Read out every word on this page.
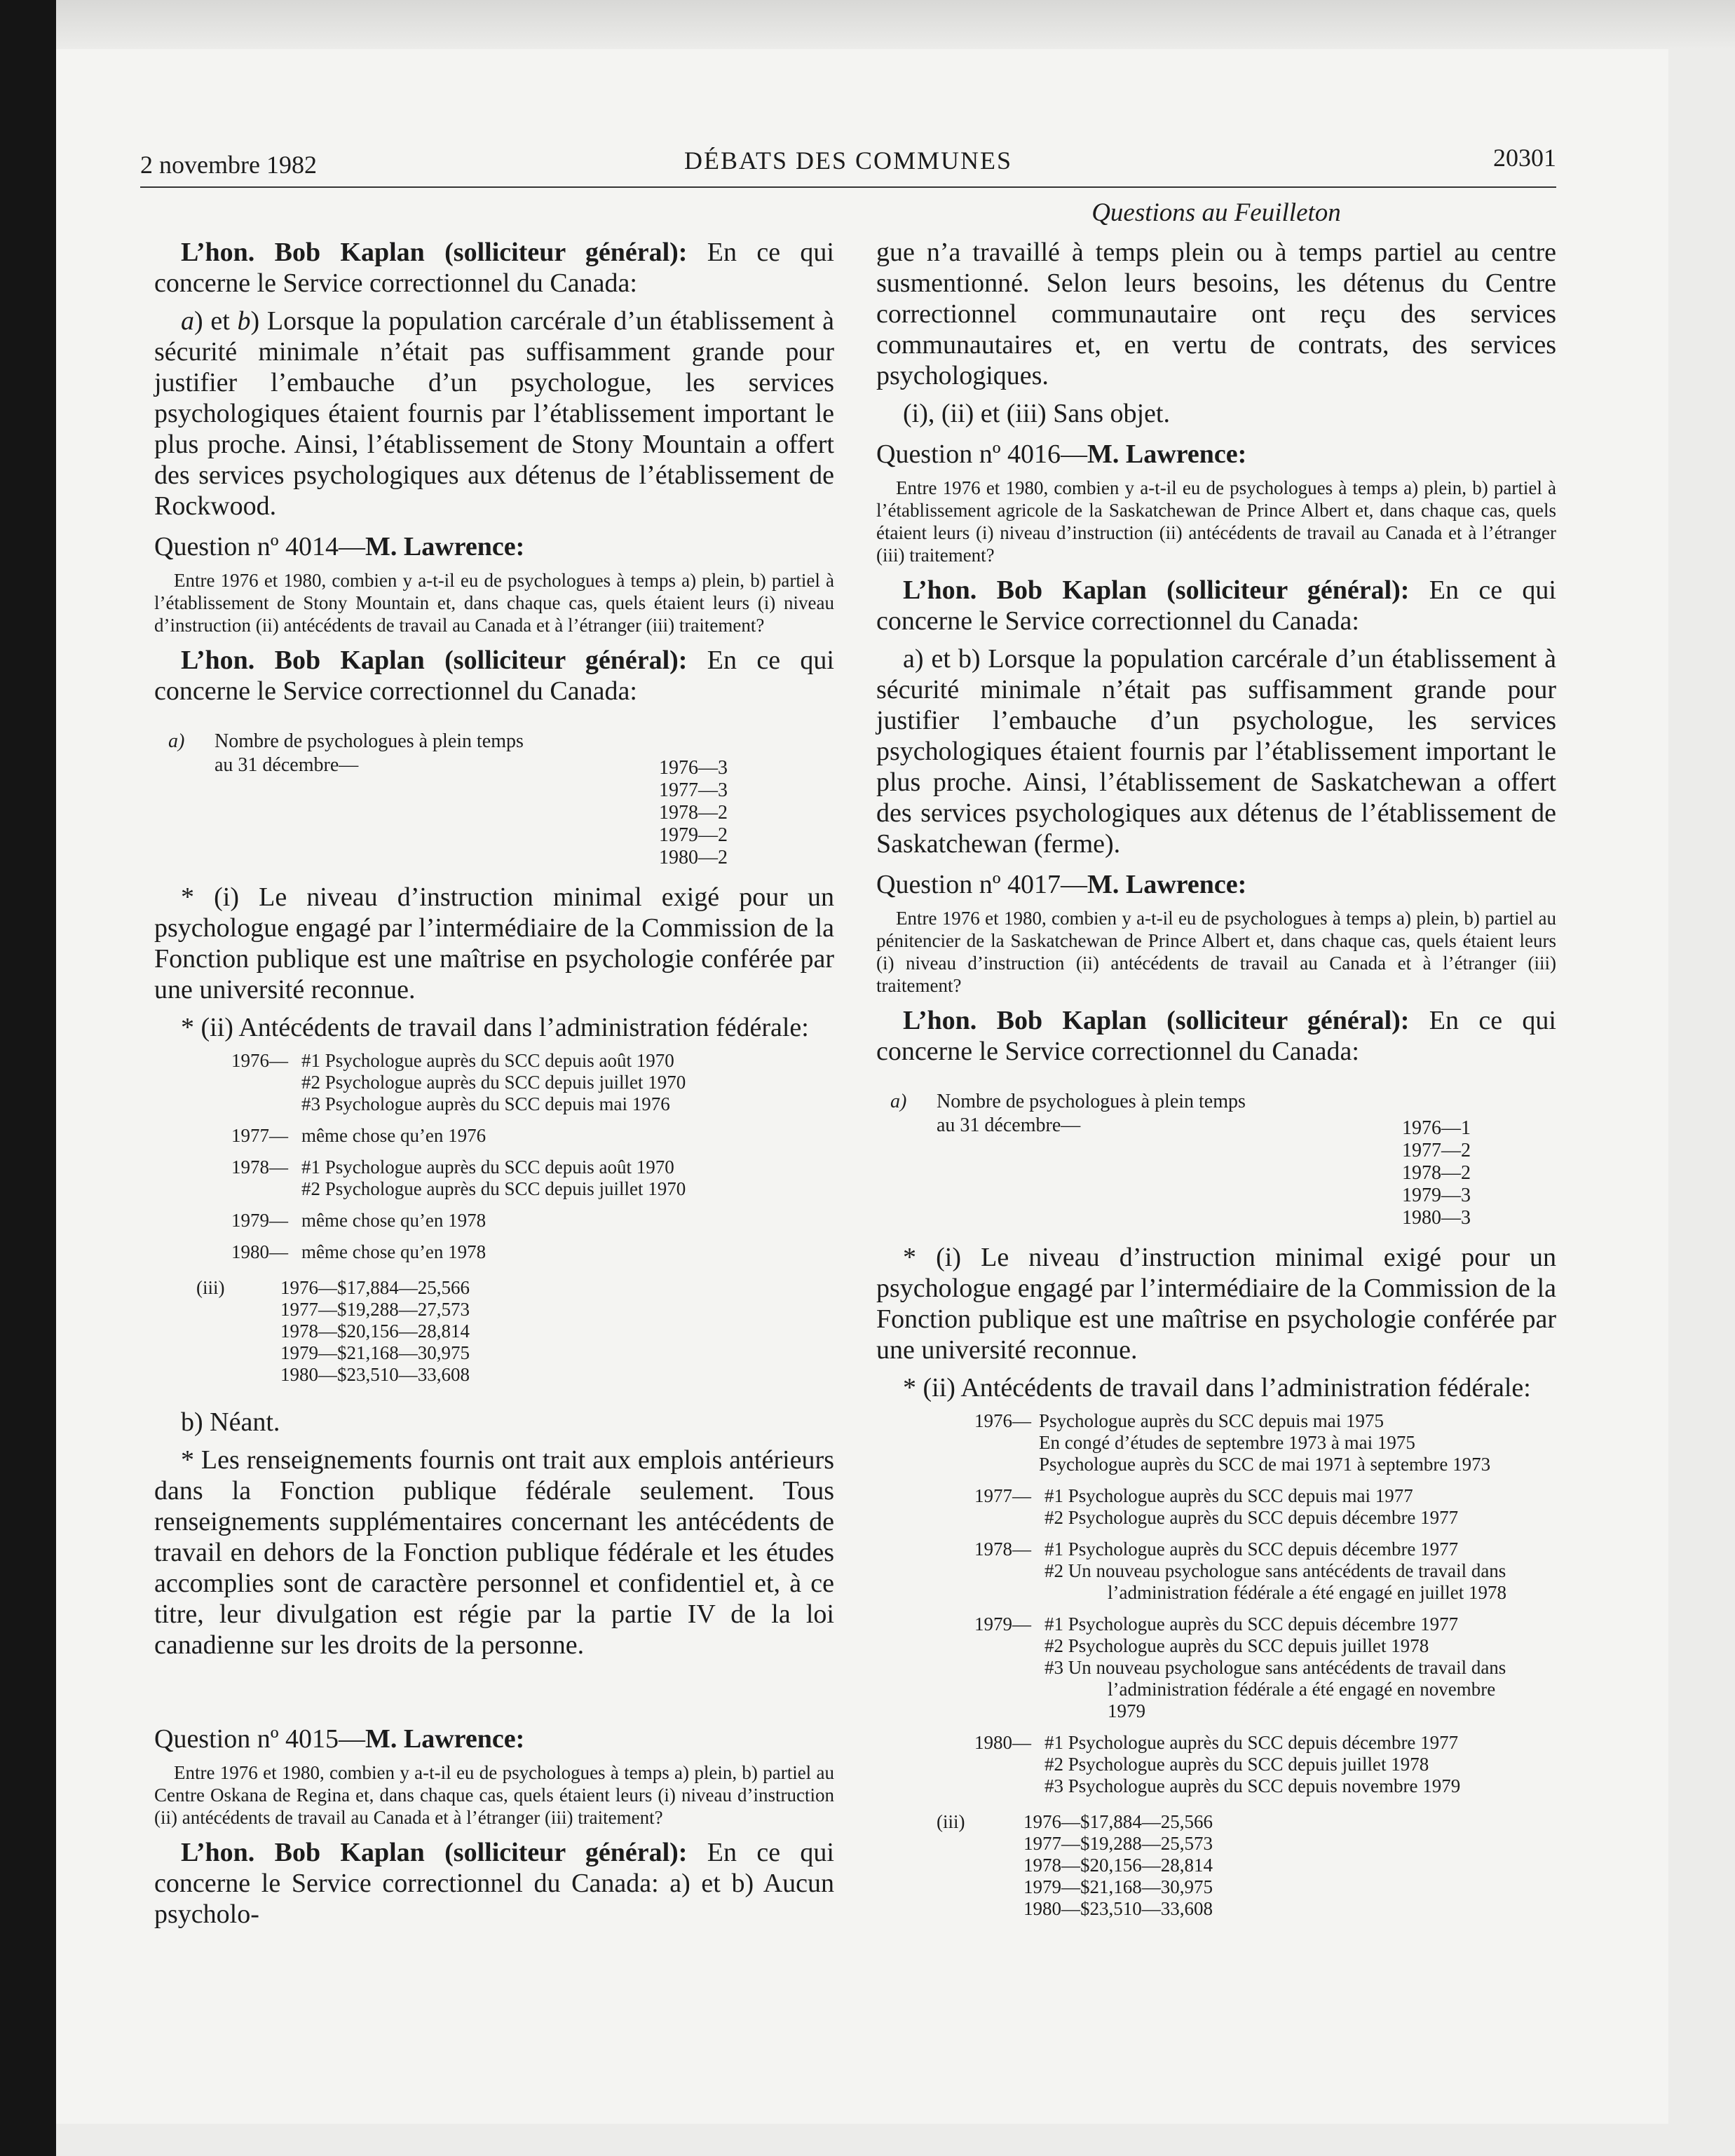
2 novembre 1982	DÉBATS DES COMMUNES	20301
Questions au Feuilleton

L’hon. Bob Kaplan (solliciteur général): En ce qui concerne le Service correctionnel du Canada:

a) et b) Lorsque la population carcérale d’un établissement à sécurité minimale n’était pas suffisamment grande pour justifier l’embauche d’un psychologue, les services psychologiques étaient fournis par l’établissement important le plus proche. Ainsi, l’établissement de Stony Mountain a offert des services psychologiques aux détenus de l’établissement de Rockwood.

Question nº 4014—M. Lawrence:

Entre 1976 et 1980, combien y a-t-il eu de psychologues à temps a) plein, b) partiel à l’établissement de Stony Mountain et, dans chaque cas, quels étaient leurs (i) niveau d’instruction (ii) antécédents de travail au Canada et à l’étranger (iii) traitement?

L’hon. Bob Kaplan (solliciteur général): En ce qui concerne le Service correctionnel du Canada:

a) Nombre de psychologues à plein temps
au 31 décembre—	1976—3
1977—3
1978—2
1979—2
1980—2

* (i) Le niveau d’instruction minimal exigé pour un psychologue engagé par l’intermédiaire de la Commission de la Fonction publique est une maîtrise en psychologie conférée par une université reconnue.

* (ii) Antécédents de travail dans l’administration fédérale:

1976— #1 Psychologue auprès du SCC depuis août 1970
#2 Psychologue auprès du SCC depuis juillet 1970
#3 Psychologue auprès du SCC depuis mai 1976
1977— même chose qu’en 1976
1978— #1 Psychologue auprès du SCC depuis août 1970
#2 Psychologue auprès du SCC depuis juillet 1970
1979— même chose qu’en 1978
1980— même chose qu’en 1978
(iii)	1976—$17,884—25,566
1977—$19,288—27,573
1978—$20,156—28,814
1979—$21,168—30,975
1980—$23,510—33,608

b) Néant.

* Les renseignements fournis ont trait aux emplois antérieurs dans la Fonction publique fédérale seulement. Tous renseignements supplémentaires concernant les antécédents de travail en dehors de la Fonction publique fédérale et les études accomplies sont de caractère personnel et confidentiel et, à ce titre, leur divulgation est régie par la partie IV de la loi canadienne sur les droits de la personne.

Question nº 4015—M. Lawrence:

Entre 1976 et 1980, combien y a-t-il eu de psychologues à temps a) plein, b) partiel au Centre Oskana de Regina et, dans chaque cas, quels étaient leurs (i) niveau d’instruction (ii) antécédents de travail au Canada et à l’étranger (iii) traitement?

L’hon. Bob Kaplan (solliciteur général): En ce qui concerne le Service correctionnel du Canada: a) et b) Aucun psycholo-

gue n’a travaillé à temps plein ou à temps partiel au centre susmentionné. Selon leurs besoins, les détenus du Centre correctionnel communautaire ont reçu des services communautaires et, en vertu de contrats, des services psychologiques.

(i), (ii) et (iii) Sans objet.

Question nº 4016—M. Lawrence:

Entre 1976 et 1980, combien y a-t-il eu de psychologues à temps a) plein, b) partiel à l’établissement agricole de la Saskatchewan de Prince Albert et, dans chaque cas, quels étaient leurs (i) niveau d’instruction (ii) antécédents de travail au Canada et à l’étranger (iii) traitement?

L’hon. Bob Kaplan (solliciteur général): En ce qui concerne le Service correctionnel du Canada:

a) et b) Lorsque la population carcérale d’un établissement à sécurité minimale n’était pas suffisamment grande pour justifier l’embauche d’un psychologue, les services psychologiques étaient fournis par l’établissement important le plus proche. Ainsi, l’établissement de Saskatchewan a offert des services psychologiques aux détenus de l’établissement de Saskatchewan (ferme).

Question nº 4017—M. Lawrence:

Entre 1976 et 1980, combien y a-t-il eu de psychologues à temps a) plein, b) partiel au pénitencier de la Saskatchewan de Prince Albert et, dans chaque cas, quels étaient leurs (i) niveau d’instruction (ii) antécédents de travail au Canada et à l’étranger (iii) traitement?

L’hon. Bob Kaplan (solliciteur général): En ce qui concerne le Service correctionnel du Canada:

a) Nombre de psychologues à plein temps
au 31 décembre—	1976—1
1977—2
1978—2
1979—3
1980—3

* (i) Le niveau d’instruction minimal exigé pour un psychologue engagé par l’intermédiaire de la Commission de la Fonction publique est une maîtrise en psychologie conférée par une université reconnue.

* (ii) Antécédents de travail dans l’administration fédérale:

1976— Psychologue auprès du SCC depuis mai 1975
En congé d’études de septembre 1973 à mai 1975
Psychologue auprès du SCC de mai 1971 à septembre 1973
1977— #1 Psychologue auprès du SCC depuis mai 1977
#2 Psychologue auprès du SCC depuis décembre 1977
1978— #1 Psychologue auprès du SCC depuis décembre 1977
#2 Un nouveau psychologue sans antécédents de travail dans
l’administration fédérale a été engagé en juillet 1978
1979— #1 Psychologue auprès du SCC depuis décembre 1977
#2 Psychologue auprès du SCC depuis juillet 1978
#3 Un nouveau psychologue sans antécédents de travail dans
l’administration fédérale a été engagé en novembre
1979
1980— #1 Psychologue auprès du SCC depuis décembre 1977
#2 Psychologue auprès du SCC depuis juillet 1978
#3 Psychologue auprès du SCC depuis novembre 1979
(iii)	1976—$17,884—25,566
1977—$19,288—25,573
1978—$20,156—28,814
1979—$21,168—30,975
1980—$23,510—33,608
